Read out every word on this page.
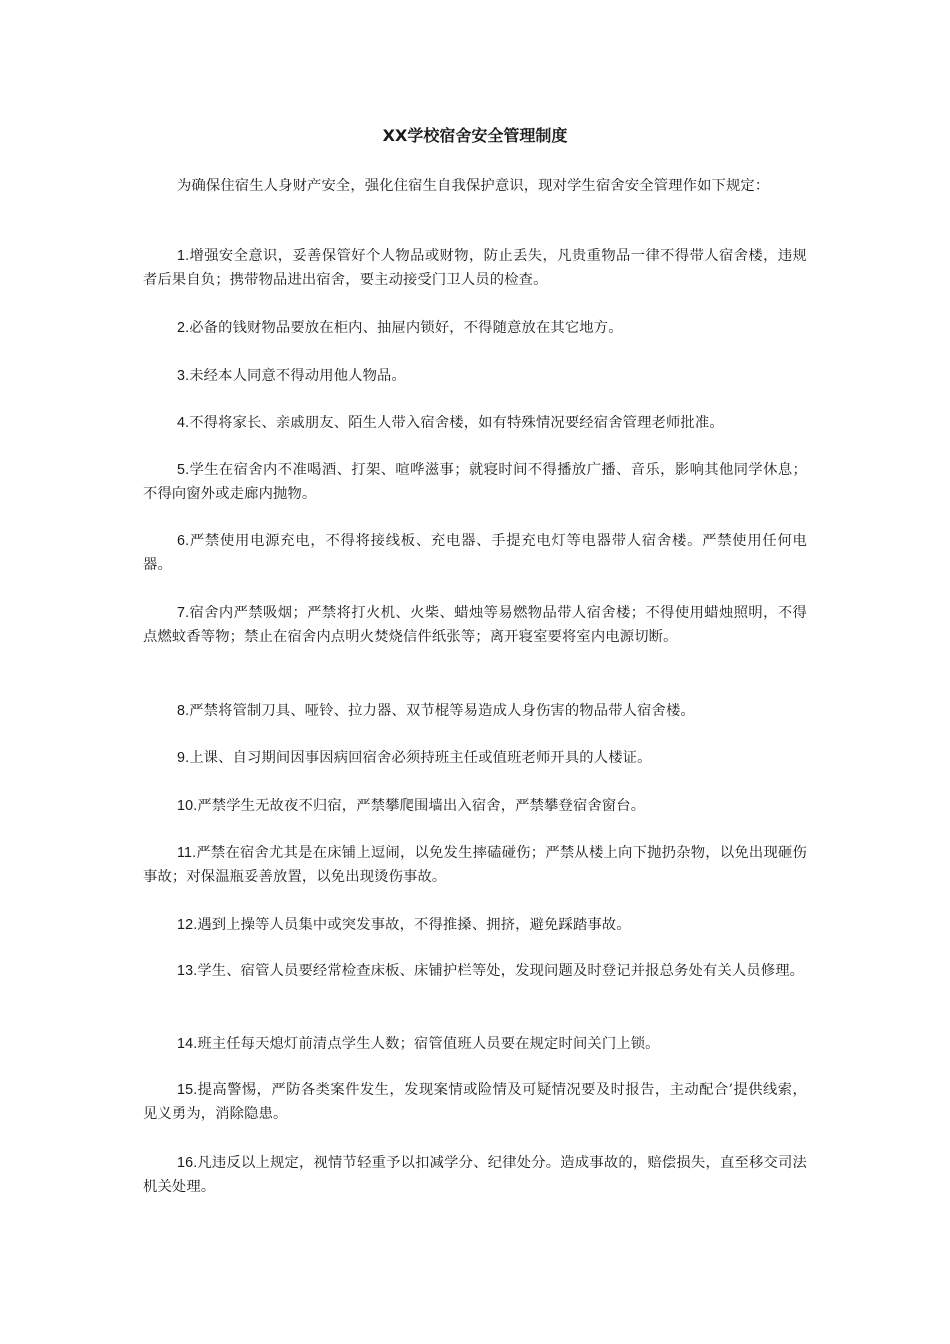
XX学校宿舍安全管理制度

为确保住宿生人身财产安全，强化住宿生自我保护意识，现对学生宿舍安全管理作如下规定：

1.增强安全意识，妥善保管好个人物品或财物，防止丢失，凡贵重物品一律不得带人宿舍楼，违规者后果自负；携带物品进出宿舍，要主动接受门卫人员的检查。

2.必备的钱财物品要放在柜内、抽屉内锁好，不得随意放在其它地方。

3.未经本人同意不得动用他人物品。

4.不得将家长、亲戚朋友、陌生人带入宿舍楼，如有特殊情况要经宿舍管理老师批准。

5.学生在宿舍内不准喝酒、打架、喧哗滋事；就寝时间不得播放广播、音乐，影响其他同学休息；不得向窗外或走廊内抛物。

6.严禁使用电源充电，不得将接线板、充电器、手提充电灯等电器带人宿舍楼。严禁使用任何电器。

7.宿舍内严禁吸烟；严禁将打火机、火柴、蜡烛等易燃物品带人宿舍楼；不得使用蜡烛照明，不得点燃蚊香等物；禁止在宿舍内点明火焚烧信件纸张等；离开寝室要将室内电源切断。

8.严禁将管制刀具、哑铃、拉力器、双节棍等易造成人身伤害的物品带人宿舍楼。

9.上课、自习期间因事因病回宿舍必须持班主任或值班老师开具的人楼证。

10.严禁学生无故夜不归宿，严禁攀爬围墙出入宿舍，严禁攀登宿舍窗台。

11.严禁在宿舍尤其是在床铺上逗闹，以免发生摔磕碰伤；严禁从楼上向下抛扔杂物，以免出现砸伤事故；对保温瓶妥善放置，以免出现烫伤事故。

12.遇到上操等人员集中或突发事故，不得推搡、拥挤，避免踩踏事故。

13.学生、宿管人员要经常检查床板、床铺护栏等处，发现问题及时登记并报总务处有关人员修理。

14.班主任每天熄灯前清点学生人数；宿管值班人员要在规定时间关门上锁。

15.提高警惕，严防各类案件发生，发现案情或险情及可疑情况要及时报告，主动配合’提供线索，见义勇为，消除隐患。

16.凡违反以上规定，视情节轻重予以扣减学分、纪律处分。造成事故的，赔偿损失，直至移交司法机关处理。
